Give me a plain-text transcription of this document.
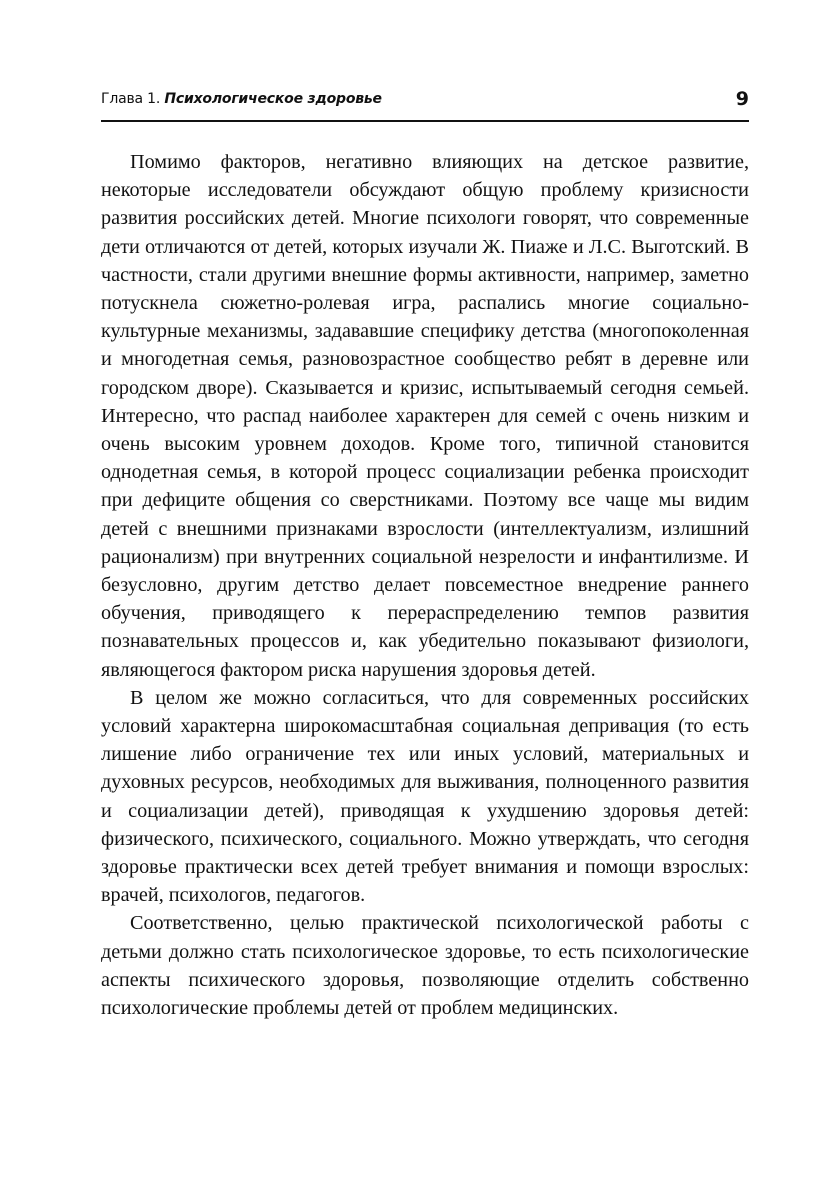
Глава 1. Психологическое здоровье	9

Помимо факторов, негативно влияющих на детское развитие, некоторые исследователи обсуждают общую проблему кризисности развития российских детей. Многие психологи говорят, что современные дети отличаются от детей, которых изучали Ж. Пиаже и Л.С. Выготский. В частности, стали другими внешние формы активности, например, заметно потускнела сюжетно-ролевая игра, распались многие социально-культурные механизмы, задававшие специфику детства (многопоколенная и многодетная семья, разновозрастное сообщество ребят в деревне или городском дворе). Сказывается и кризис, испытываемый сегодня семьей. Интересно, что распад наиболее характерен для семей с очень низким и очень высоким уровнем доходов. Кроме того, типичной становится однодетная семья, в которой процесс социализации ребенка происходит при дефиците общения со сверстниками. Поэтому все чаще мы видим детей с внешними признаками взрослости (интеллектуализм, излишний рационализм) при внутренних социальной незрелости и инфантилизме. И безусловно, другим детство делает повсеместное внедрение раннего обучения, приводящего к перераспределению темпов развития познавательных процессов и, как убедительно показывают физиологи, являющегося фактором риска нарушения здоровья детей.

В целом же можно согласиться, что для современных российских условий характерна широкомасштабная социальная депривация (то есть лишение либо ограничение тех или иных условий, материальных и духовных ресурсов, необходимых для выживания, полноценного развития и социализации детей), приводящая к ухудшению здоровья детей: физического, психического, социального. Можно утверждать, что сегодня здоровье практически всех детей требует внимания и помощи взрослых: врачей, психологов, педагогов.

Соответственно, целью практической психологической работы с детьми должно стать психологическое здоровье, то есть психологические аспекты психического здоровья, позволяющие отделить собственно психологические проблемы детей от проблем медицинских.
